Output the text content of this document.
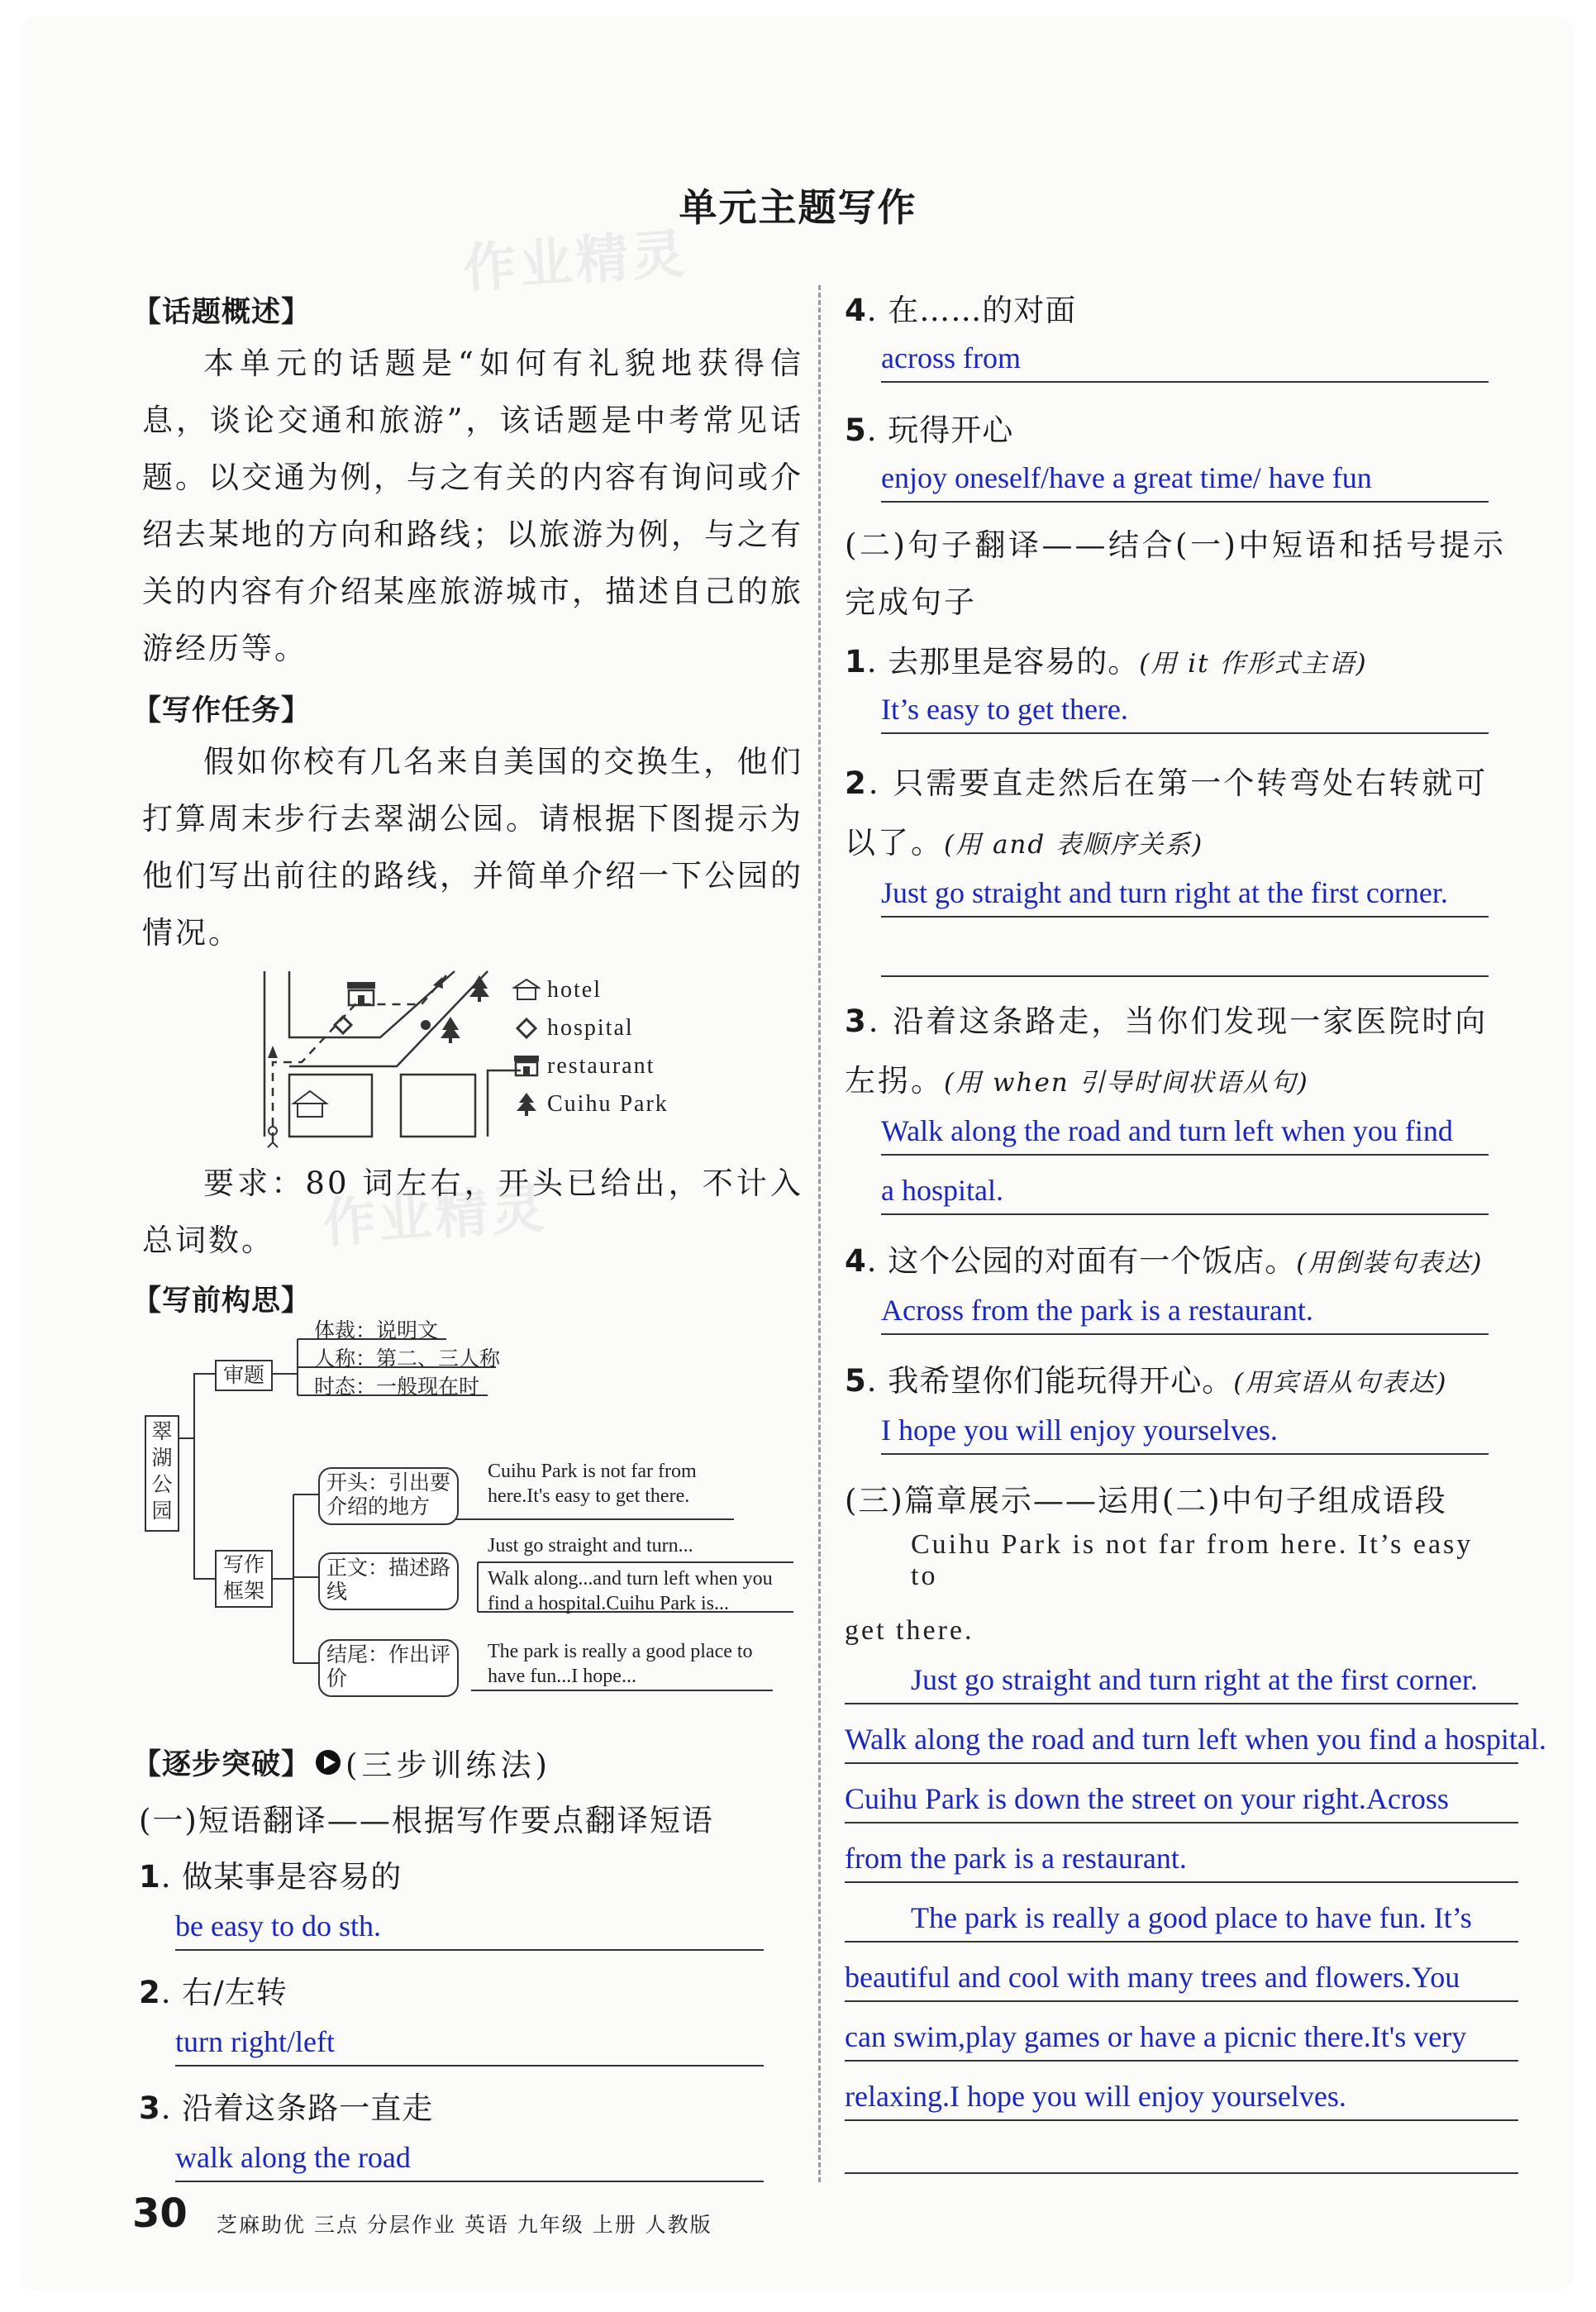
单元主题写作
作业精灵
作业精灵
【话题概述】

本单元的话题是“如何有礼貌地获得信息，谈论交通和旅游”，该话题是中考常见话题。以交通为例，与之有关的内容有询问或介绍去某地的方向和路线；以旅游为例，与之有关的内容有介绍某座旅游城市，描述自己的旅游经历等。

【写作任务】

假如你校有几名来自美国的交换生，他们打算周末步行去翠湖公园。请根据下图提示为他们写出前往的路线，并简单介绍一下公园的情况。

hotel
hospital
restaurant
Cuihu Park

要求：80 词左右，开头已给出，不计入总词数。

【写前构思】
翠湖公园
审题
体裁：说明文
人称：第二、三人称
时态：一般现在时
写作框架
开头：引出要介绍的地方
Cuihu Park is not far from here.It's easy to get there.
正文：描述路线
Just go straight and turn...
Walk along...and turn left when you find a hospital.Cuihu Park is...
结尾：作出评价
The park is really a good place to have fun...I hope...
【逐步突破】 (三步训练法)
(一)短语翻译——根据写作要点翻译短语
1. 做某事是容易的
be easy to do sth.
2. 右/左转
turn right/left
3. 沿着这条路一直走
walk along the road
4. 在……的对面
across from
5. 玩得开心
enjoy oneself/have a great time/ have fun
(二)句子翻译——结合(一)中短语和括号提示完成句子
1. 去那里是容易的。(用 it 作形式主语)
It’s easy to get there.
2. 只需要直走然后在第一个转弯处右转就可以了。(用 and 表顺序关系)
Just go straight and turn right at the first corner.
3. 沿着这条路走，当你们发现一家医院时向左拐。(用 when 引导时间状语从句)
Walk along the road and turn left when you find
a hospital.
4. 这个公园的对面有一个饭店。(用倒装句表达)
Across from the park is a restaurant.
5. 我希望你们能玩得开心。(用宾语从句表达)
I hope you will enjoy yourselves.
(三)篇章展示——运用(二)中句子组成语段
Cuihu Park is not far from here. It’s easy to
get there.
Just go straight and turn right at the first corner.
Walk along the road and turn left when you find a hospital.
Cuihu Park is down the street on your right.Across
from the park is a restaurant.
The park is really a good place to have fun. It’s
beautiful and cool with many trees and flowers.You
can swim,play games or have a picnic there.It's very
relaxing.I hope you will enjoy yourselves.
30 芝麻助优 三点 分层作业 英语 九年级 上册 人教版
